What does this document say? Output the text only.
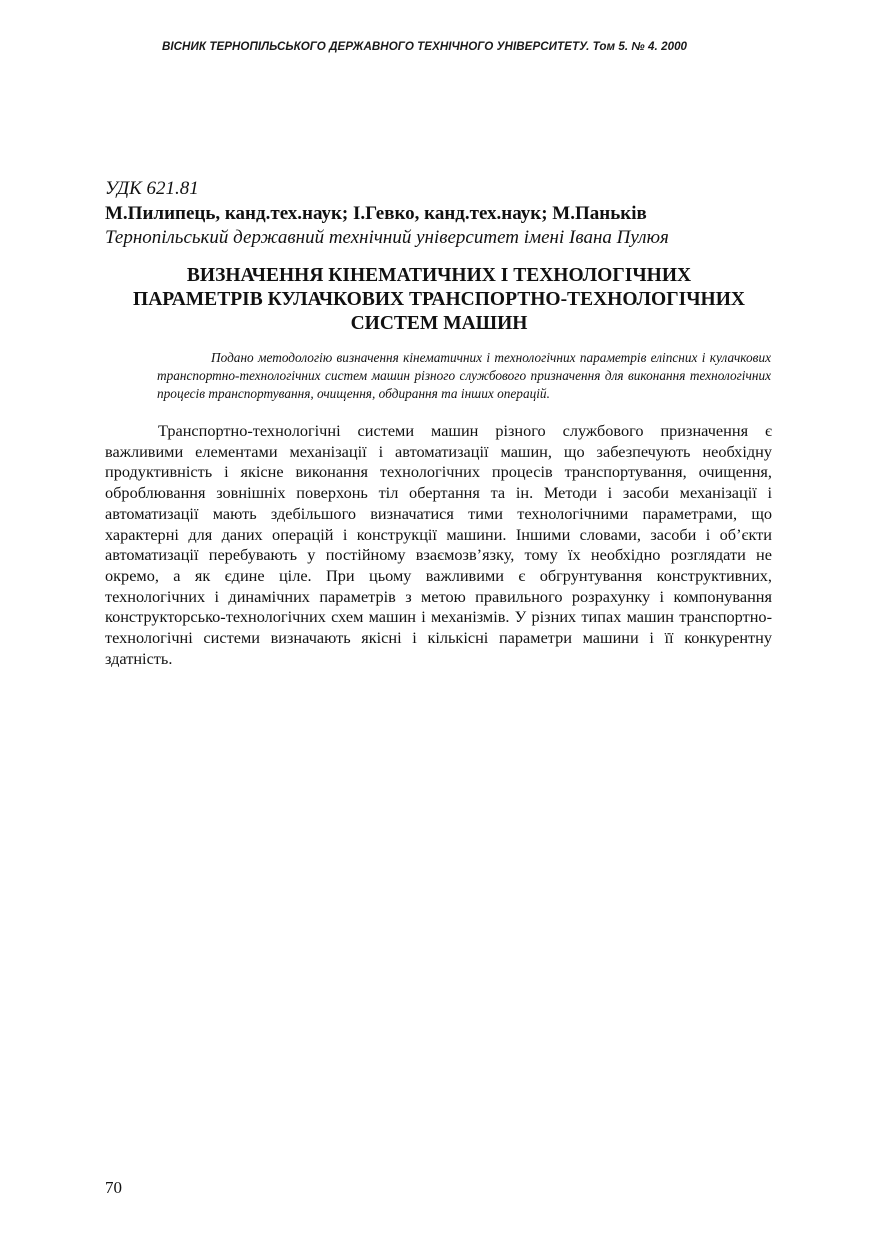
ВІСНИК ТЕРНОПІЛЬСЬКОГО ДЕРЖАВНОГО ТЕХНІЧНОГО УНІВЕРСИТЕТУ. Том 5. № 4. 2000
УДК 621.81
М.Пилипець, канд.тех.наук; І.Гевко, канд.тех.наук; М.Паньків
Тернопільський державний технічний університет імені Івана Пулюя
ВИЗНАЧЕННЯ КІНЕМАТИЧНИХ І ТЕХНОЛОГІЧНИХ
ПАРАМЕТРІВ КУЛАЧКОВИХ ТРАНСПОРТНО-ТЕХНОЛОГІЧНИХ
СИСТЕМ МАШИН
Подано методологію визначення кінематичних і технологічних параметрів еліпсних і кулачкових транспортно-технологічних систем машин різного службового призначення для виконання технологічних процесів транспортування, очищення, обдирання та інших операцій.
Транспортно-технологічні системи машин різного службового призначення є важливими елементами механізації і автоматизації машин, що забезпечують необхідну продуктивність і якісне виконання технологічних процесів транспортування, очищення, оброблювання зовнішніх поверхонь тіл обертання та ін. Методи і засоби механізації і автоматизації мають здебільшого визначатися тими технологічними параметрами, що характерні для даних операцій і конструкції машини. Іншими словами, засоби і об’єкти автоматизації перебувають у постійному взаємозв’язку, тому їх необхідно розглядати не окремо, а як єдине ціле. При цьому важливими є обгрунтування конструктивних, технологічних і динамічних параметрів з метою правильного розрахунку і компонування конструкторсько-технологічних схем машин і механізмів. У різних типах машин транспортно-технологічні системи визначають якісні і кількісні параметри машини і її конкурентну здатність.
70
